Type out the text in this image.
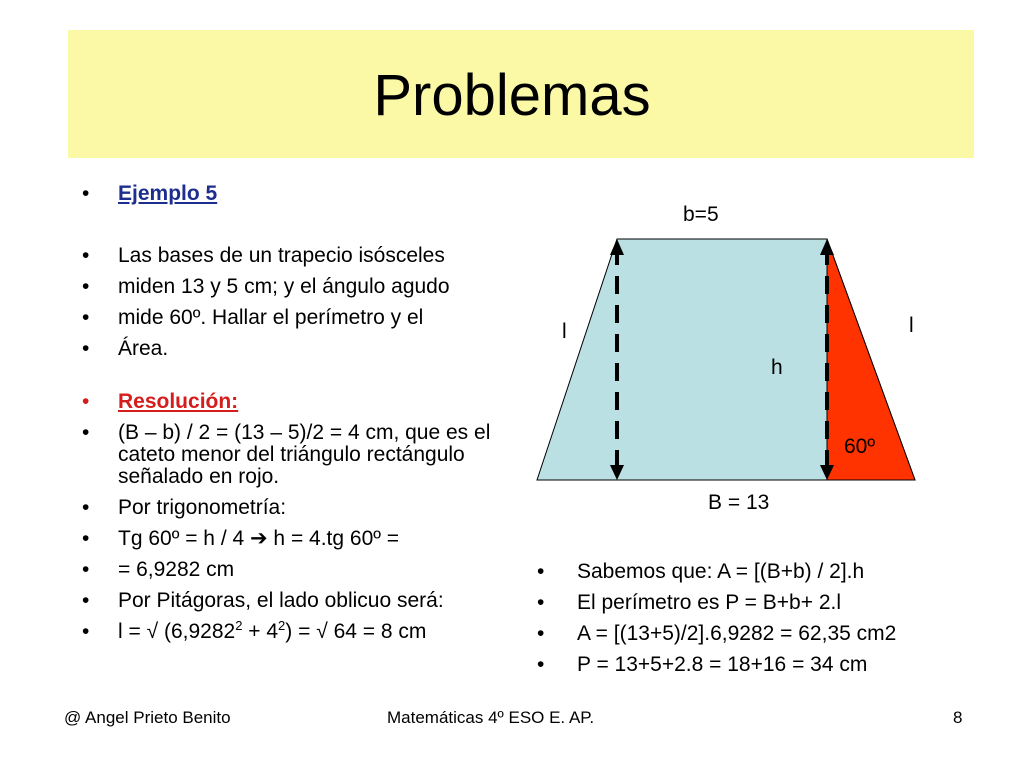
Problemas
•	Ejemplo 5
•	Las bases de un trapecio isósceles
•	miden 13 y 5 cm; y el ángulo agudo
•	mide 60º. Hallar el perímetro y el
•	Área.
•	Resolución:
•	(B – b) / 2 = (13 – 5)/2 = 4 cm, que es el cateto menor del triángulo rectángulo señalado en rojo.
•	Por trigonometría:
•	Tg 60º = h / 4 ➔ h = 4.tg 60º =
•	= 6,9282 cm
•	Por Pitágoras, el lado oblicuo será:
•	l = √ $(6,9282^2 + 4^2)$ = √ 64 = 8 cm
b=5
l	l
h
60º
B = 13
• Sabemos que: A = [(B+b) / 2].h
• El perímetro es P = B+b+ 2.l
• A = [(13+5)/2].6,9282 = 62,35 cm2
• P = 13+5+2.8 = 18+16 = 34 cm
@ Angel Prieto Benito	Matemáticas 4º ESO E. AP.	8
